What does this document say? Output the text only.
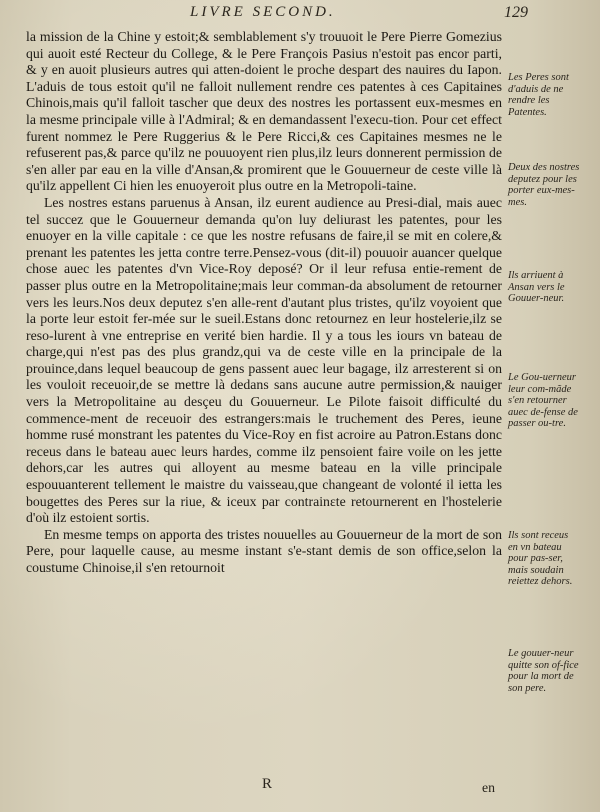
LIVRE SECOND.	129

la mission de la Chine y estoit;& semblablement s'y trouuoit le Pere Pierre Gomezius qui auoit esté Recteur du College, & le Pere François Pasius n'estoit pas encor parti, & y en auoit plusieurs autres qui atten-doient le proche despart des nauires du Iapon. L'aduis de tous estoit qu'il ne falloit nullement rendre ces patentes à ces Capitaines Chinois,mais qu'il falloit tascher que deux des nostres les portassent eux-mesmes en la mesme principale ville à l'Admiral; & en demandassent l'execu-tion. Pour cet effect furent nommez le Pere Ruggerius & le Pere Ricci,& ces Capitaines mesmes ne le refuserent pas,& parce qu'ilz ne pouuoyent rien plus,ilz leurs donnerent permission de s'en aller par eau en la ville d'Ansan,& promirent que le Gouuerneur de ceste ville là qu'ilz appellent Ci hien les enuoyeroit plus outre en la Metropoli-taine.

Les nostres estans paruenus à Ansan, ilz eurent audience au Presi-dial, mais auec tel succez que le Gouuerneur demanda qu'on luy deliurast les patentes, pour les enuoyer en la ville capitale : ce que les nostre refusans de faire,il se mit en colere,& prenant les patentes les jetta contre terre.Pensez-vous (dit-il) pouuoir auancer quelque chose auec les patentes d'vn Vice-Roy deposé? Or il leur refusa entie-rement de passer plus outre en la Metropolitaine;mais leur comman-da absolument de retourner vers les leurs.Nos deux deputez s'en alle-rent d'autant plus tristes, qu'ilz voyoient que la porte leur estoit fer-mée sur le sueil.Estans donc retournez en leur hostelerie,ilz se reso-lurent à vne entreprise en verité bien hardie. Il y a tous les iours vn bateau de charge,qui n'est pas des plus grandz,qui va de ceste ville en la principale de la prouince,dans lequel beaucoup de gens passent auec leur bagage, ilz arresterent si on les vouloit receuoir,de se mettre là dedans sans aucune autre permission,& nauiger vers la Metropolitaine au desçeu du Gouuerneur. Le Pilote faisoit difficulté du commence-ment de receuoir des estrangers:mais le truchement des Peres, ieune homme rusé monstrant les patentes du Vice-Roy en fist acroire au Patron.Estans donc receus dans le bateau auec leurs hardes, comme ilz pensoient faire voile on les jette dehors,car les autres qui alloyent au mesme bateau en la ville principale espouuanterent tellement le maistre du vaisseau,que changeant de volonté il ietta les bougettes des Peres sur la riue, & iceux par contrainɛte retournerent en l'hostelerie d'où ilz estoient sortis.

En mesme temps on apporta des tristes nouuelles au Gouuerneur de la mort de son Pere, pour laquelle cause, au mesme instant s'e-stant demis de son office,selon la coustume Chinoise,il s'en retournoit

Les Peres sont d'aduis de ne rendre les Patentes.
Deux des nostres deputez pour les porter eux-mes-mes.
Ils arriuent à Ansan vers le Gouuer-neur.
Le Gou-uerneur leur com-mãde s'en retourner auec de-fense de passer ou-tre.
Ils sont receus en vn bateau pour pas-ser, mais soudain reiettez dehors.
Le gouuer-neur quitte son of-fice pour la mort de son pere.
R	en
